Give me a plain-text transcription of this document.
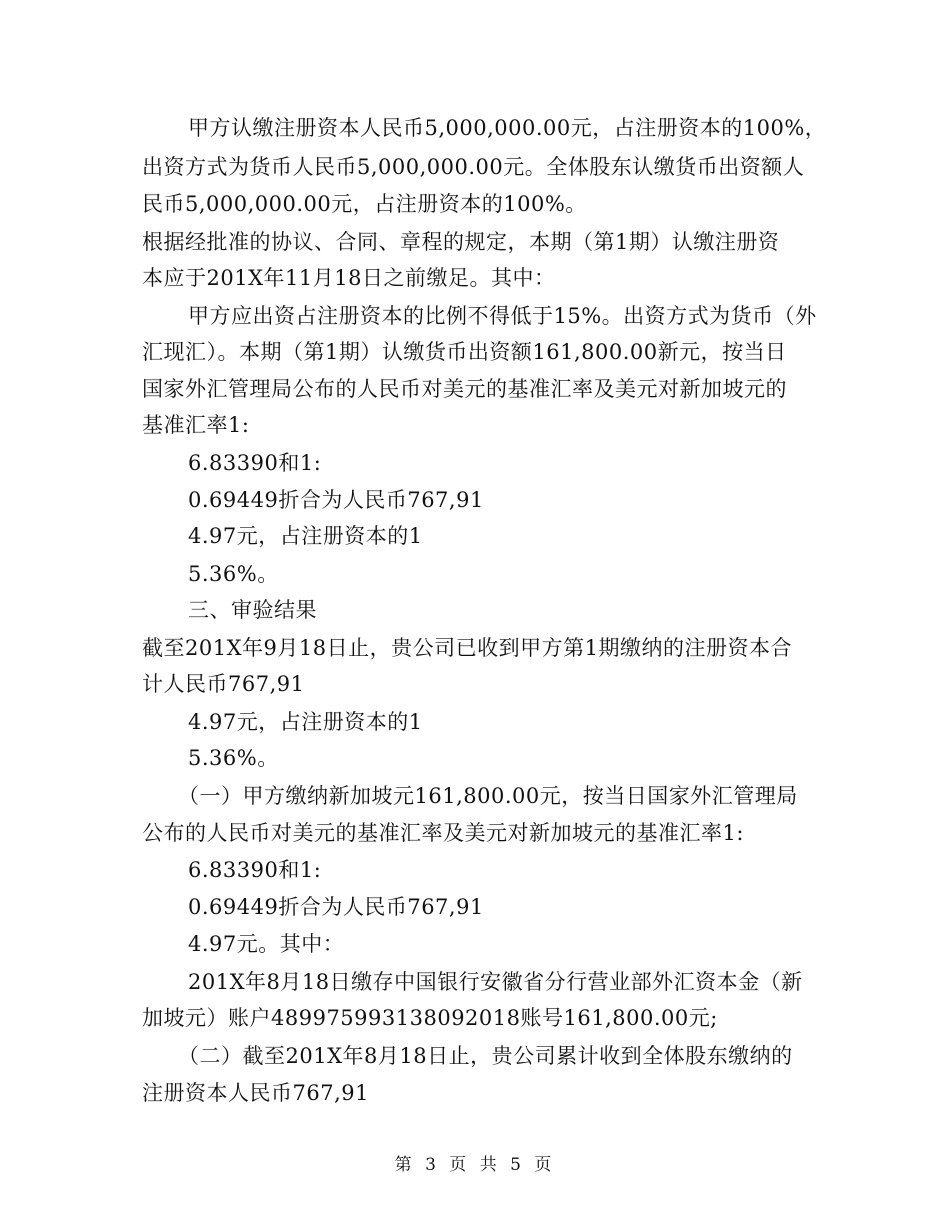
甲方认缴注册资本人民币5,000,000.00元，占注册资本的100%，
出资方式为货币人民币5,000,000.00元。全体股东认缴货币出资额人
民币5,000,000.00元，占注册资本的100%。
根据经批准的协议、合同、章程的规定，本期（第1期）认缴注册资
本应于201X年11月18日之前缴足。其中：
甲方应出资占注册资本的比例不得低于15%。出资方式为货币（外
汇现汇）。本期（第1期）认缴货币出资额161,800.00新元，按当日
国家外汇管理局公布的人民币对美元的基准汇率及美元对新加坡元的
基准汇率1:
6.83390和1:
0.69449折合为人民币767,91
4.97元，占注册资本的1
5.36%。
三、审验结果
截至201X年9月18日止，贵公司已收到甲方第1期缴纳的注册资本合
计人民币767,91
4.97元，占注册资本的1
5.36%。
（一）甲方缴纳新加坡元161,800.00元，按当日国家外汇管理局
公布的人民币对美元的基准汇率及美元对新加坡元的基准汇率1:
6.83390和1:
0.69449折合为人民币767,91
4.97元。其中：
201X年8月18日缴存中国银行安徽省分行营业部外汇资本金（新
加坡元）账户489975993138092018账号161,800.00元;
（二）截至201X年8月18日止，贵公司累计收到全体股东缴纳的
注册资本人民币767,91
第 3 页 共 5 页
